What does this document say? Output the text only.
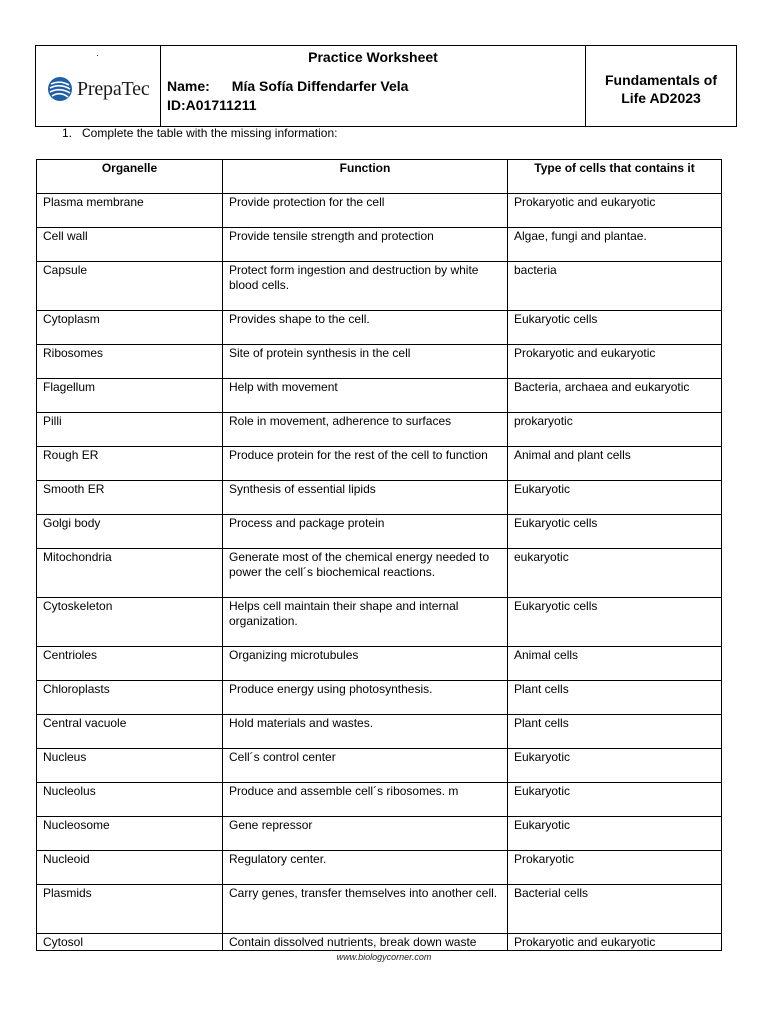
·
PrepaTec
Practice Worksheet
Name: Mía Sofía Diffendarfer Vela
ID:A01711211
Fundamentals of
Life AD2023
1. Complete the table with the missing information:
Organelle	Function	Type of cells that contains it
Plasma membrane	Provide protection for the cell	Prokaryotic and eukaryotic
Cell wall	Provide tensile strength and protection	Algae, fungi and plantae.
Capsule	Protect form ingestion and destruction by white blood cells.	bacteria
Cytoplasm	Provides shape to the cell.	Eukaryotic cells
Ribosomes	Site of protein synthesis in the cell	Prokaryotic and eukaryotic
Flagellum	Help with movement	Bacteria, archaea and eukaryotic
Pilli	Role in movement, adherence to surfaces	prokaryotic
Rough ER	Produce protein for the rest of the cell to function	Animal and plant cells
Smooth ER	Synthesis of essential lipids	Eukaryotic
Golgi body	Process and package protein	Eukaryotic cells
Mitochondria	Generate most of the chemical energy needed to power the cell´s biochemical reactions.	eukaryotic
Cytoskeleton	Helps cell maintain their shape and internal organization.	Eukaryotic cells
Centrioles	Organizing microtubules	Animal cells
Chloroplasts	Produce energy using photosynthesis.	Plant cells
Central vacuole	Hold materials and wastes.	Plant cells
Nucleus	Cell´s control center	Eukaryotic
Nucleolus	Produce and assemble cell´s ribosomes. m	Eukaryotic
Nucleosome	Gene repressor	Eukaryotic
Nucleoid	Regulatory center.	Prokaryotic
Plasmids	Carry genes, transfer themselves into another cell.	Bacterial cells
Cytosol	Contain dissolved nutrients, break down waste	Prokaryotic and eukaryotic
www.biologycorner.com
